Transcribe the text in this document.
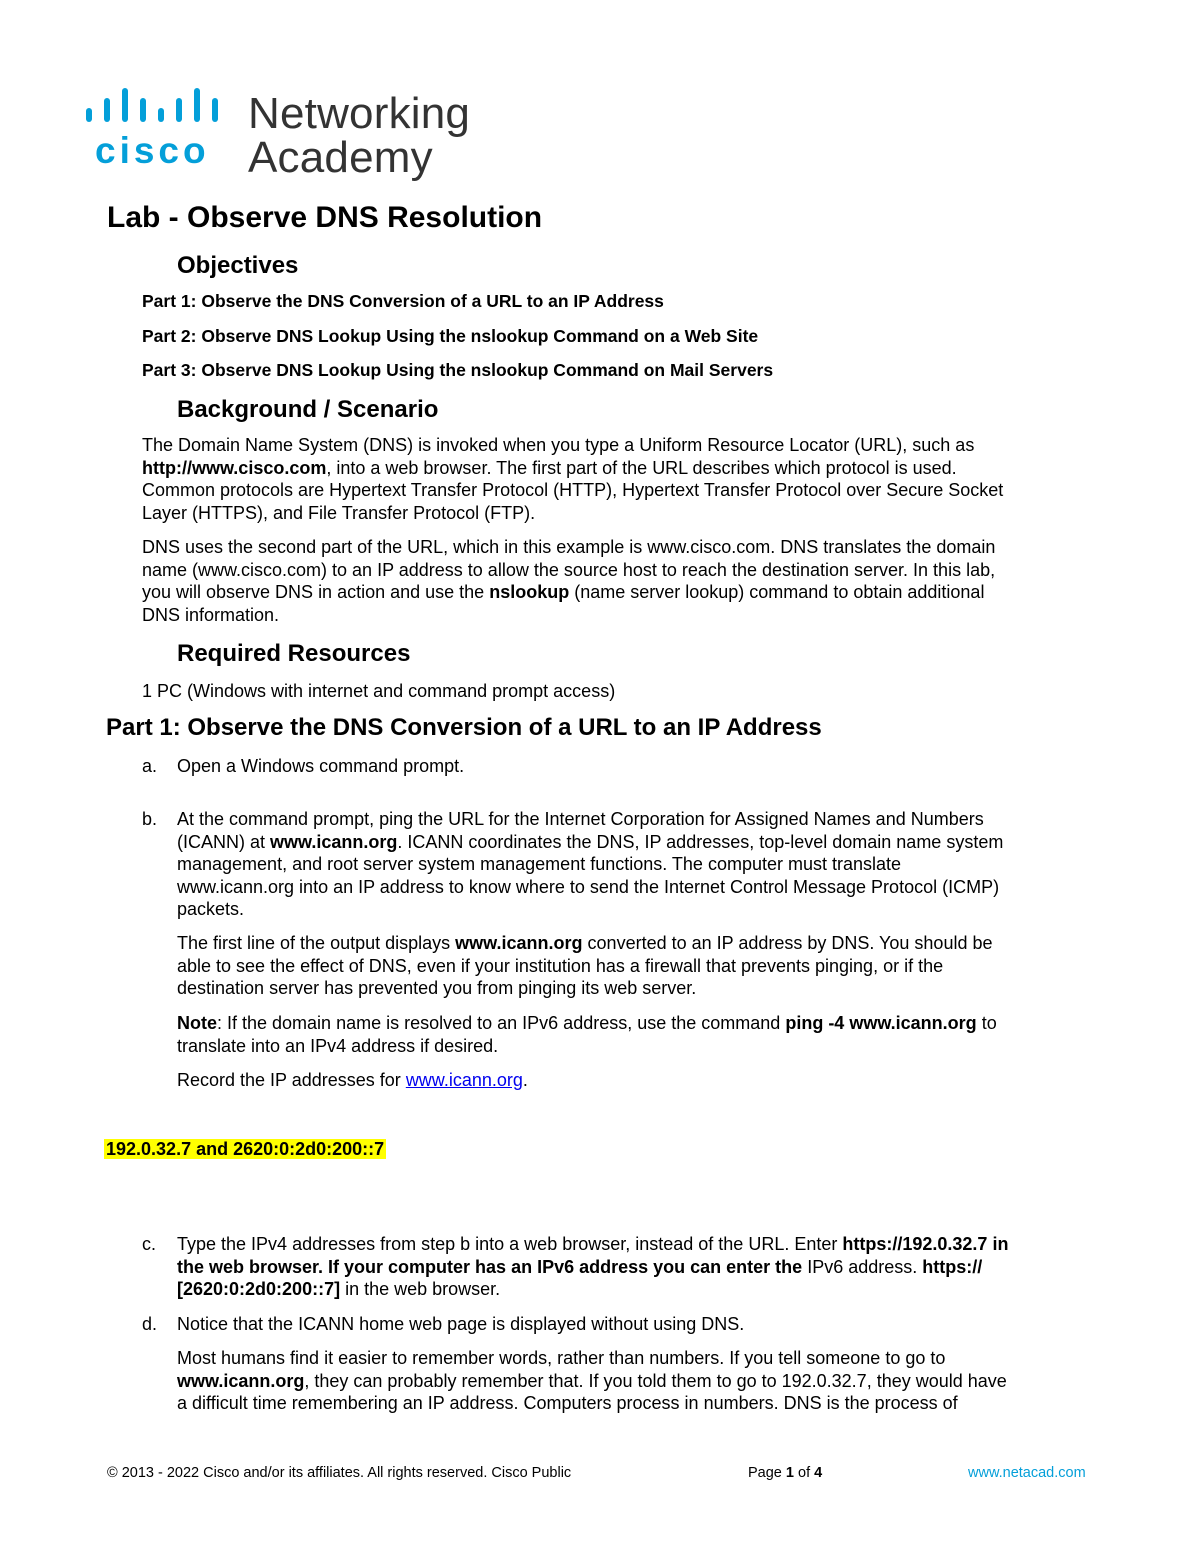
cisco
Networking
Academy
Lab - Observe DNS Resolution
Objectives
Part 1: Observe the DNS Conversion of a URL to an IP Address
Part 2: Observe DNS Lookup Using the nslookup Command on a Web Site
Part 3: Observe DNS Lookup Using the nslookup Command on Mail Servers
Background / Scenario
The Domain Name System (DNS) is invoked when you type a Uniform Resource Locator (URL), such as
http://www.cisco.com, into a web browser. The first part of the URL describes which protocol is used.
Common protocols are Hypertext Transfer Protocol (HTTP), Hypertext Transfer Protocol over Secure Socket
Layer (HTTPS), and File Transfer Protocol (FTP).
DNS uses the second part of the URL, which in this example is www.cisco.com. DNS translates the domain
name (www.cisco.com) to an IP address to allow the source host to reach the destination server. In this lab,
you will observe DNS in action and use the nslookup (name server lookup) command to obtain additional
DNS information.
Required Resources
1 PC (Windows with internet and command prompt access)
Part 1: Observe the DNS Conversion of a URL to an IP Address
a. Open a Windows command prompt.
b. At the command prompt, ping the URL for the Internet Corporation for Assigned Names and Numbers
(ICANN) at www.icann.org. ICANN coordinates the DNS, IP addresses, top-level domain name system
management, and root server system management functions. The computer must translate
www.icann.org into an IP address to know where to send the Internet Control Message Protocol (ICMP)
packets.
The first line of the output displays www.icann.org converted to an IP address by DNS. You should be
able to see the effect of DNS, even if your institution has a firewall that prevents pinging, or if the
destination server has prevented you from pinging its web server.
Note: If the domain name is resolved to an IPv6 address, use the command ping -4 www.icann.org to
translate into an IPv4 address if desired.
Record the IP addresses for www.icann.org.
192.0.32.7 and 2620:0:2d0:200::7
c. Type the IPv4 addresses from step b into a web browser, instead of the URL. Enter https://192.0.32.7 in
the web browser. If your computer has an IPv6 address you can enter the IPv6 address. https://
[2620:0:2d0:200::7] in the web browser.
d. Notice that the ICANN home web page is displayed without using DNS.
Most humans find it easier to remember words, rather than numbers. If you tell someone to go to
www.icann.org, they can probably remember that. If you told them to go to 192.0.32.7, they would have
a difficult time remembering an IP address. Computers process in numbers. DNS is the process of
© 2013 - 2022 Cisco and/or its affiliates. All rights reserved. Cisco Public	Page 1 of 4	www.netacad.com
